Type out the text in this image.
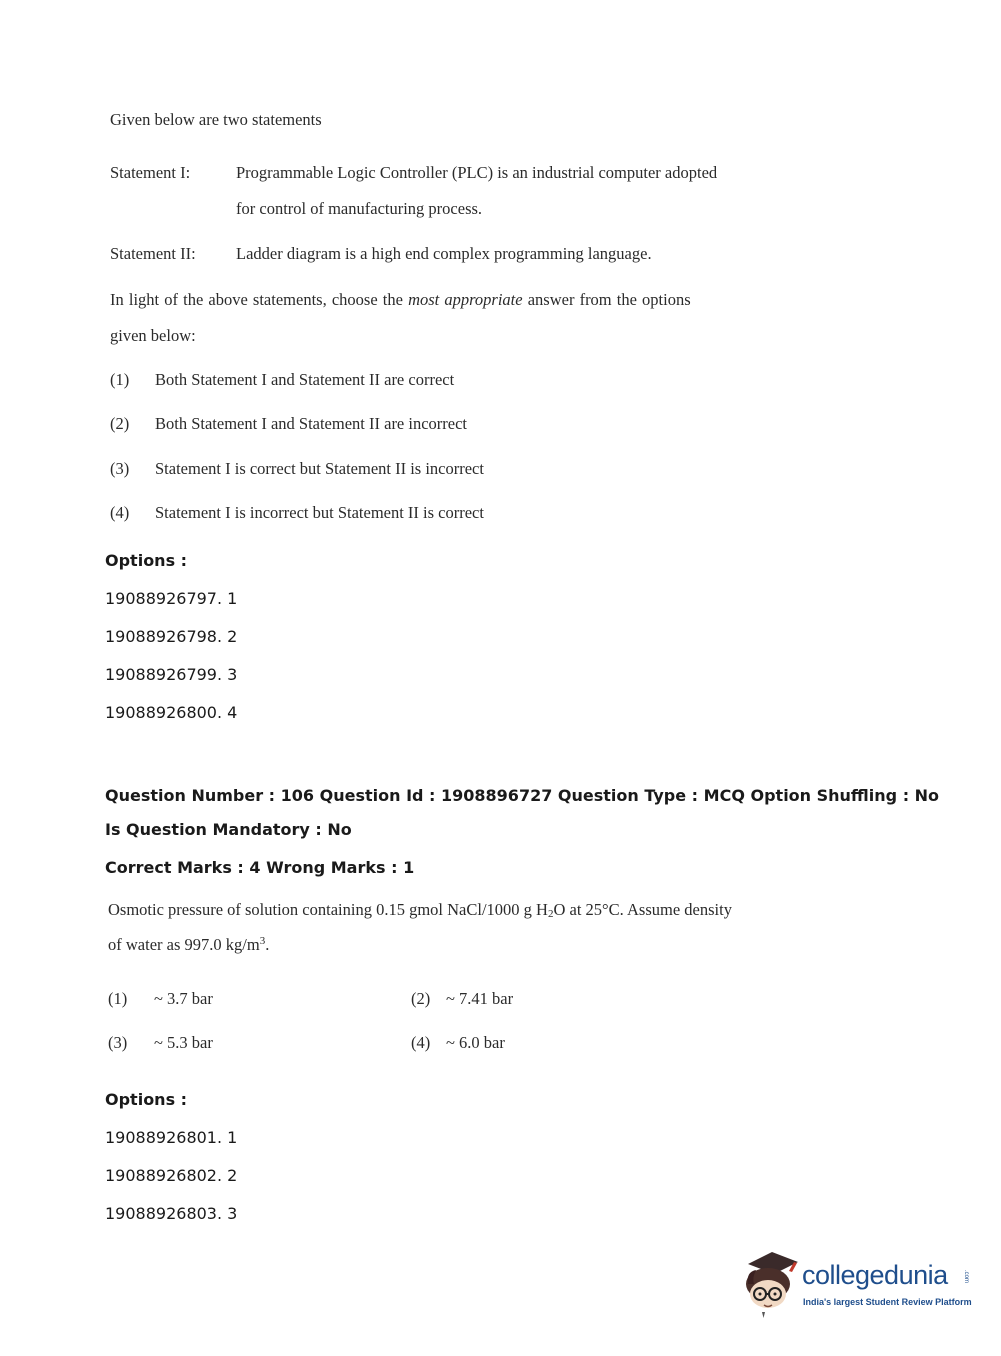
Given below are two statements
Statement I:	Programmable Logic Controller (PLC) is an industrial computer adopted
for control of manufacturing process.
Statement II: Ladder diagram is a high end complex programming language.
In light of the above statements, choose the most appropriate answer from the options
given below:
(1) Both Statement I and Statement II are correct
(2) Both Statement I and Statement II are incorrect
(3) Statement I is correct but Statement II is incorrect
(4) Statement I is incorrect but Statement II is correct
Options :
19088926797. 1
19088926798. 2
19088926799. 3
19088926800. 4
Question Number : 106 Question Id : 1908896727 Question Type : MCQ Option Shuffling : No
Is Question Mandatory : No
Correct Marks : 4 Wrong Marks : 1
Osmotic pressure of solution containing 0.15 gmol NaCl/1000 g $H_2O$ at 25°C. Assume density
of water as 997.0 $kg/m^3$.
(1) ~ 3.7 bar	(2) ~ 7.41 bar
(3) ~ 5.3 bar	(4) ~ 6.0 bar
Options :
19088926801. 1
19088926802. 2
19088926803. 3
collegedunia	.com
India's largest Student Review Platform
